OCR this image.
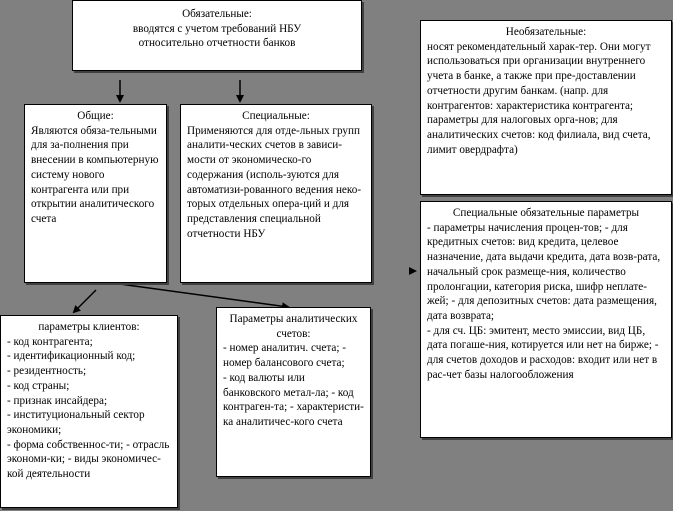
Обязательные:
вводятся с учетом требований НБУ
относительно отчетности банков
Общие:
Являются обяза-тельными для за-полнения при внесении в компьютерную систему нового контрагента или при открытии аналитического счета
Специальные:
Применяются для отде-льных групп аналити-ческих счетов в зависи-мости от экономическо-го содержания (исполь-зуются для автоматизи-рованного ведения неко-торых отдельных опера-ций и для представления специальной отчетности НБУ
Необязательные:
носят рекомендательный харак-тер. Они могут использоваться при организации внутреннего учета в банке, а также при пре-доставлении отчетности другим банкам. (напр. для контрагентов: характеристика контрагента; параметры для налоговых орга-нов; для аналитических счетов: код филиала, вид счета, лимит овердрафта)
Специальные обязательные параметры
- параметры начисления процен-тов; - для кредитных счетов: вид кредита, целевое назначение, дата выдачи кредита, дата возв-рата, начальный срок размеще-ния, количество пролонгации, категория риска, шифр неплате-жей; - для депозитных счетов: дата размещения, дата возврата;
- для сч. ЦБ: эмитент, место эмиссии, вид ЦБ, дата погаше-ния, котируется или нет на бирже; - для счетов доходов и расходов: входит или нет в рас-чет базы налогообложения
параметры клиентов:
- код контрагента;
- идентификационный код;
- резидентность;
- код страны;
- признак инсайдера;
- институциональный сектор экономики;
- форма собственнос-ти; - отрасль экономи-ки; - виды экономичес-кой деятельности
Параметры аналитических счетов:
- номер аналитич. счета; - номер балансового счета;
- код валюты или банковского метал-ла; - код контраген-та; - характеристи-ка аналитичес-кого счета
